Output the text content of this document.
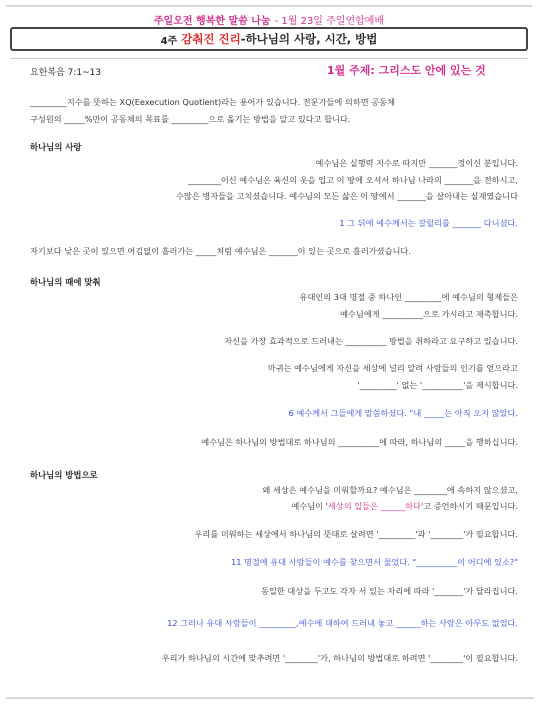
주일오전 행복한 말씀 나눔 - 1월 23일 주일연합예배
4주 감춰진 진리 -하나님의 사랑, 시간, 방법
요한복음 7:1~13	1월 주제: 그리스도 안에 있는 것
_________지수를 뜻하는 XQ(Eexecution Quotient)라는 용어가 있습니다. 전문가들에 의하면 공동체
구성원의 _____%만이 공동체의 목표를 _________으로 옮기는 방법을 알고 있다고 합니다.
하나님의 사랑
예수님은 실행력 지수로 따지만 _______정이신 분입니다.
________이신 예수님은 육신의 옷을 입고 이 땅에 오셔서 하나님 나라의 _______을 전하시고,
수많은 병자들을 고치셨습니다. 예수님의 모든 삶은 이 땅에서 _______을 살아내는 실재였습니다
1 그 뒤에 예수께서는 갈릴리를 _______ 다니셨다.
자기보다 낮은 곳이 있으면 어김없이 흘러가는 _____처럼 예수님은 _______이 있는 곳으로 흘러가셨습니다.
하나님의 때에 맞춰
유대인의 3대 명절 중 하나인 _________에 예수님의 형제들은
예수님에게 __________으로 가시라고 재촉합니다.
자신을 가장 효과적으로 드러내는 __________ 방법을 취하라고 요구하고 있습니다.
마귀는 예수님에게 자신을 세상에 널리 알려 사람들의 인기를 얻으라고
'_________' 없는 '__________'을 제시합니다.
6 예수께서 그들에게 말씀하셨다. "내 _____는 아직 오지 않았다.
예수님은 하나님의 방법대로 하나님의 __________에 따라, 하나님의 _____을 행하십니다.
하나님의 방법으로
왜 세상은 예수님을 미워할까요? 예수님은 ________에 속하지 않으셨고,
예수님이 '세상의 일들은 ______하다'고 증언하시기 때문입니다.
우리를 미워하는 세상에서 하나님의 뜻대로 살려면 '_________'과 '________'가 필요합니다.
11 명절에 유대 사람들이 예수를 찾으면서 물었다. "__________이 어디에 있소?"
동일한 대상을 두고도 각자 서 있는 자리에 따라 '_______'가 달라집니다.
12 그러나 유대 사람들이 _________,예수에 대하여 드러내 놓고 ______하는 사람은 아무도 없었다.
우리가 하나님의 시간에 맞추려면 '________'가, 하나님의 방법대로 하려면 '________'이 필요합니다.
